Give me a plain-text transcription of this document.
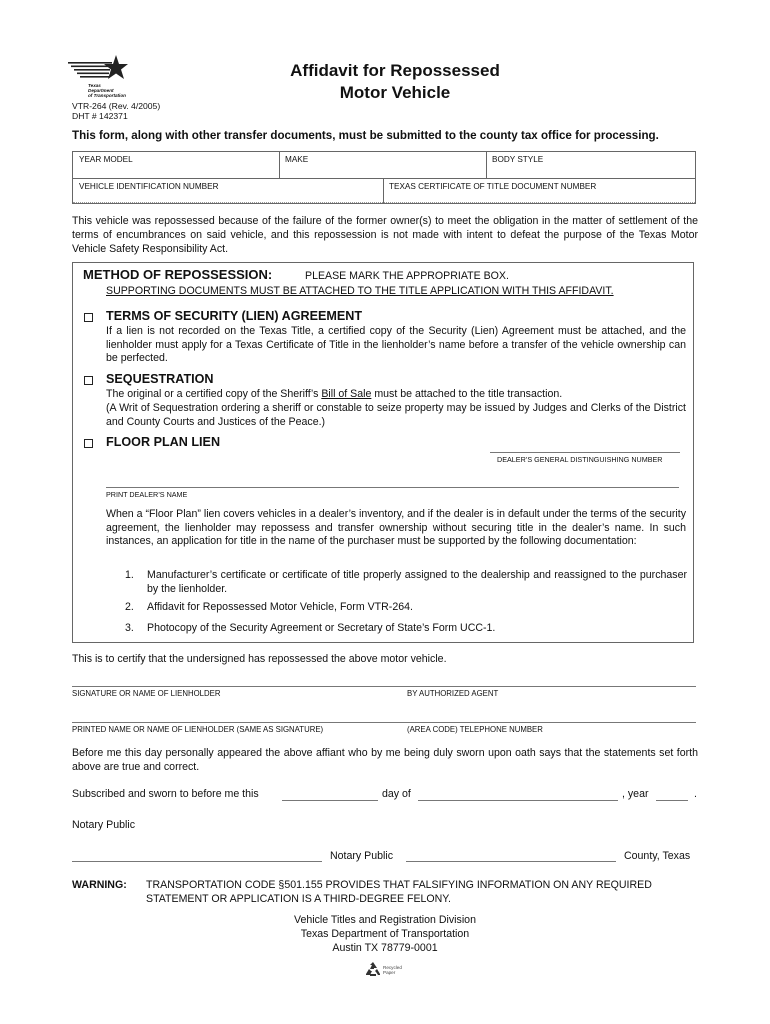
Texas
Department
of Transportation
VTR-264 (Rev. 4/2005)
DHT # 142371
Affidavit for Repossessed
Motor Vehicle
This form, along with other transfer documents, must be submitted to the county tax office for processing.
YEAR MODEL	MAKE	BODY STYLE
VEHICLE IDENTIFICATION NUMBER	TEXAS CERTIFICATE OF TITLE DOCUMENT NUMBER
This vehicle was repossessed because of the failure of the former owner(s) to meet the obligation in the matter of settlement of the terms of encumbrances on said vehicle, and this repossession is not made with intent to defeat the purpose of the Texas Motor Vehicle Safety Responsibility Act.
METHOD OF REPOSSESSION:	PLEASE MARK THE APPROPRIATE BOX.
SUPPORTING DOCUMENTS MUST BE ATTACHED TO THE TITLE APPLICATION WITH THIS AFFIDAVIT.
TERMS OF SECURITY (LIEN) AGREEMENT
If a lien is not recorded on the Texas Title, a certified copy of the Security (Lien) Agreement must be attached, and the lienholder must apply for a Texas Certificate of Title in the lienholder’s name before a transfer of the vehicle ownership can be perfected.
SEQUESTRATION
The original or a certified copy of the Sheriff’s Bill of Sale must be attached to the title transaction.
(A Writ of Sequestration ordering a sheriff or constable to seize property may be issued by Judges and Clerks of the District and County Courts and Justices of the Peace.)
FLOOR PLAN LIEN
DEALER’S GENERAL DISTINGUISHING NUMBER
PRINT DEALER’S NAME
When a “Floor Plan” lien covers vehicles in a dealer’s inventory, and if the dealer is in default under the terms of the security agreement, the lienholder may repossess and transfer ownership without securing title in the dealer’s name. In such instances, an application for title in the name of the purchaser must be supported by the following documentation:
1. Manufacturer’s certificate or certificate of title properly assigned to the dealership and reassigned to the purchaser by the lienholder.
2. Affidavit for Repossessed Motor Vehicle, Form VTR-264.
3. Photocopy of the Security Agreement or Secretary of State’s Form UCC-1.
This is to certify that the undersigned has repossessed the above motor vehicle.
SIGNATURE OR NAME OF LIENHOLDER	BY AUTHORIZED AGENT
PRINTED NAME OR NAME OF LIENHOLDER (SAME AS SIGNATURE)	(AREA CODE) TELEPHONE NUMBER
Before me this day personally appeared the above affiant who by me being duly sworn upon oath says that the statements set forth above are true and correct.
Subscribed and sworn to before me this	day of	, year	.
Notary Public
Notary Public	County, Texas
WARNING: TRANSPORTATION CODE §501.155 PROVIDES THAT FALSIFYING INFORMATION ON ANY REQUIRED STATEMENT OR APPLICATION IS A THIRD-DEGREE FELONY.
Vehicle Titles and Registration Division
Texas Department of Transportation
Austin TX 78779-0001
Recycled
Paper
